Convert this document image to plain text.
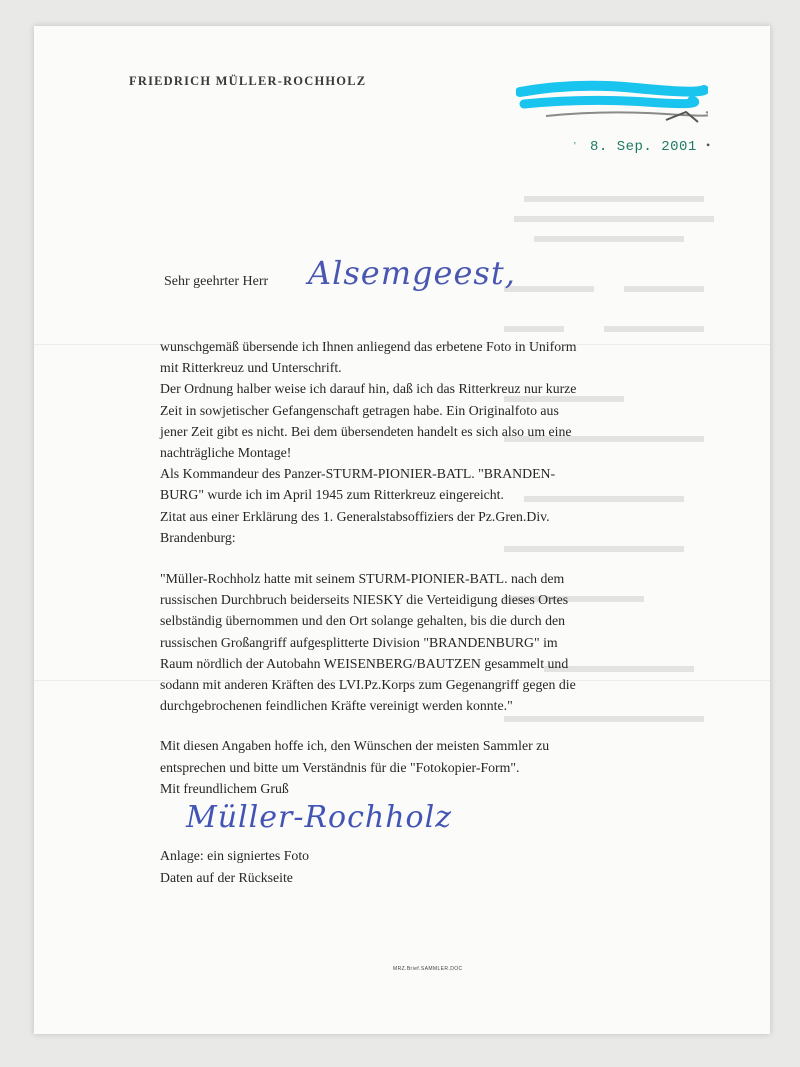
FRIEDRICH MÜLLER-ROCHHOLZ
' 8. Sep. 2001 •
Sehr geehrter Herr Alsemgeest,

wunschgemäß übersende ich Ihnen anliegend das erbetene Foto in Uniform

mit Ritterkreuz und Unterschrift.

Der Ordnung halber weise ich darauf hin, daß ich das Ritterkreuz nur kurze

Zeit in sowjetischer Gefangenschaft getragen habe. Ein Originalfoto aus

jener Zeit gibt es nicht. Bei dem übersendeten handelt es sich also um eine

nachträgliche Montage!

Als Kommandeur des Panzer-STURM-PIONIER-BATL. "BRANDEN-

BURG" wurde ich im April 1945 zum Ritterkreuz eingereicht.

Zitat aus einer Erklärung des 1. Generalstabsoffiziers der Pz.Gren.Div.

Brandenburg:

"Müller-Rochholz hatte mit seinem STURM-PIONIER-BATL. nach dem

russischen Durchbruch beiderseits NIESKY die Verteidigung dieses Ortes

selbständig übernommen und den Ort solange gehalten, bis die durch den

russischen Großangriff aufgesplitterte Division "BRANDENBURG" im

Raum nördlich der Autobahn WEISENBERG/BAUTZEN gesammelt und

sodann mit anderen Kräften des LVI.Pz.Korps zum Gegenangriff gegen die

durchgebrochenen feindlichen Kräfte vereinigt werden konnte."

Mit diesen Angaben hoffe ich, den Wünschen der meisten Sammler zu

entsprechen und bitte um Verständnis für die "Fotokopier-Form".

Mit freundlichem Gruß

Müller-Rochholz
Anlage: ein signiertes Foto
Daten auf der Rückseite
MRZ.Brief.SAMMLER.DOC
